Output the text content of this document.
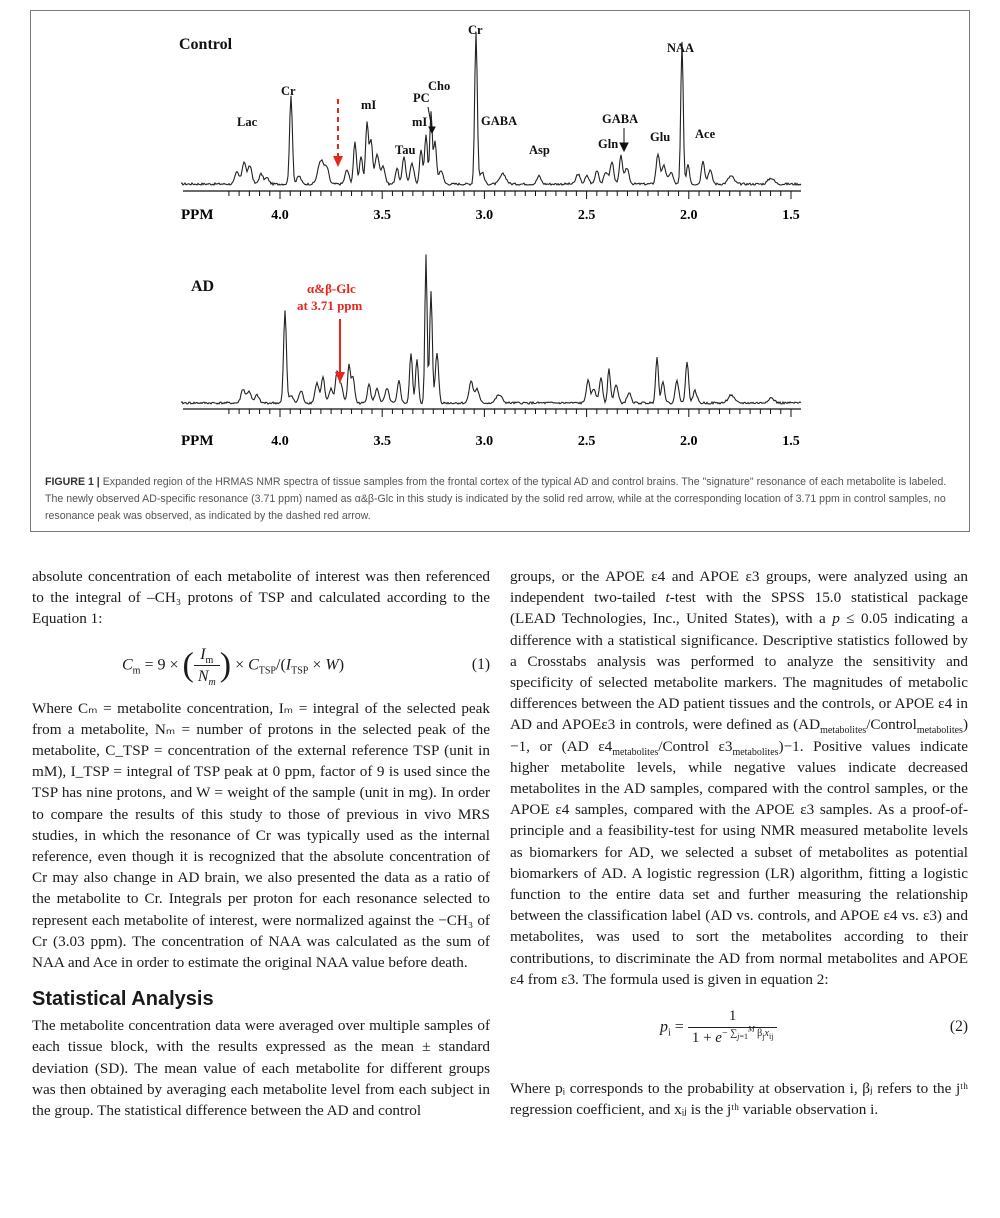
Control
AD
PPM	4.0	3.5	3.0	2.5	2.0	1.5
PPM	4.0	3.5	3.0	2.5	2.0	1.5
Lac
Cr
mI	PC
Cho
mI
Tau
Cr
GABA
Asp
GABA
Gln	Glu
NAA
Ace
α&β-Glc
at 3.71 ppm
FIGURE 1 | Expanded region of the HRMAS NMR spectra of tissue samples from the frontal cortex of the typical AD and control brains. The "signature" resonance of each metabolite is labeled. The newly observed AD-specific resonance (3.71 ppm) named as α&β-Glc in this study is indicated by the solid red arrow, while at the corresponding location of 3.71 ppm in control samples, no resonance peak was observed, as indicated by the dashed red arrow.

absolute concentration of each metabolite of interest was then referenced to the integral of –CH₃ protons of TSP and calculated according to the Equation 1:

$C_m = 9$ × ( $\frac{I_m}{N_m}$ ) × $C_{TSP}/(I_{TSP} \times W)$	(1)

Where Cₘ = metabolite concentration, Iₘ = integral of the selected peak from a metabolite, Nₘ = number of protons in the selected peak of the metabolite, C_TSP = concentration of the external reference TSP (unit in mM), I_TSP = integral of TSP peak at 0 ppm, factor of 9 is used since the TSP has nine protons, and W = weight of the sample (unit in mg). In order to compare the results of this study to those of previous in vivo MRS studies, in which the resonance of Cr was typically used as the internal reference, even though it is recognized that the absolute concentration of Cr may also change in AD brain, we also presented the data as a ratio of the metabolite to Cr. Integrals per proton for each resonance selected to represent each metabolite of interest, were normalized against the −CH₃ of Cr (3.03 ppm). The concentration of NAA was calculated as the sum of NAA and Ace in order to estimate the original NAA value before death.

Statistical Analysis

The metabolite concentration data were averaged over multiple samples of each tissue block, with the results expressed as the mean ± standard deviation (SD). The mean value of each metabolite for different groups was then obtained by averaging each metabolite level from each subject in the group. The statistical difference between the AD and control

groups, or the APOE ε4 and APOE ε3 groups, were analyzed using an independent two-tailed t-test with the SPSS 15.0 statistical package (LEAD Technologies, Inc., United States), with a p ≤ 0.05 indicating a difference with a statistical significance. Descriptive statistics followed by a Crosstabs analysis was performed to analyze the sensitivity and specificity of selected metabolite markers. The magnitudes of metabolic differences between the AD patient tissues and the controls, or APOE ε4 in AD and APOEε3 in controls, were defined as $(AD_{metabolites}/Control_{metabolites})-1$, or (AD $\varepsilon 4_{metabolites}$/Control $\varepsilon 3_{metabolites})-1$. Positive values indicate higher metabolite levels, while negative values indicate decreased metabolites in the AD samples, compared with the control samples, or the APOE ε4 samples, compared with the APOE ε3 samples. As a proof-of-principle and a feasibility-test for using NMR measured metabolite levels as biomarkers for AD, we selected a subset of metabolites as potential biomarkers of AD. A logistic regression (LR) algorithm, fitting a logistic function to the entire data set and further measuring the relationship between the classification label (AD vs. controls, and APOE ε4 vs. ε3) and metabolites, was used to sort the metabolites according to their contributions, to discriminate the AD from normal metabolites and APOE ε4 from ε3. The formula used is given in equation 2:

$p_i = \frac{1}{1 + e^{- \sum_{j=1}^M \beta_jx_{ij}}}$	(2)

Where pᵢ corresponds to the probability at observation i, βⱼ refers to the jᵗʰ regression coefficient, and xᵢⱼ is the jᵗʰ variable observation i.
